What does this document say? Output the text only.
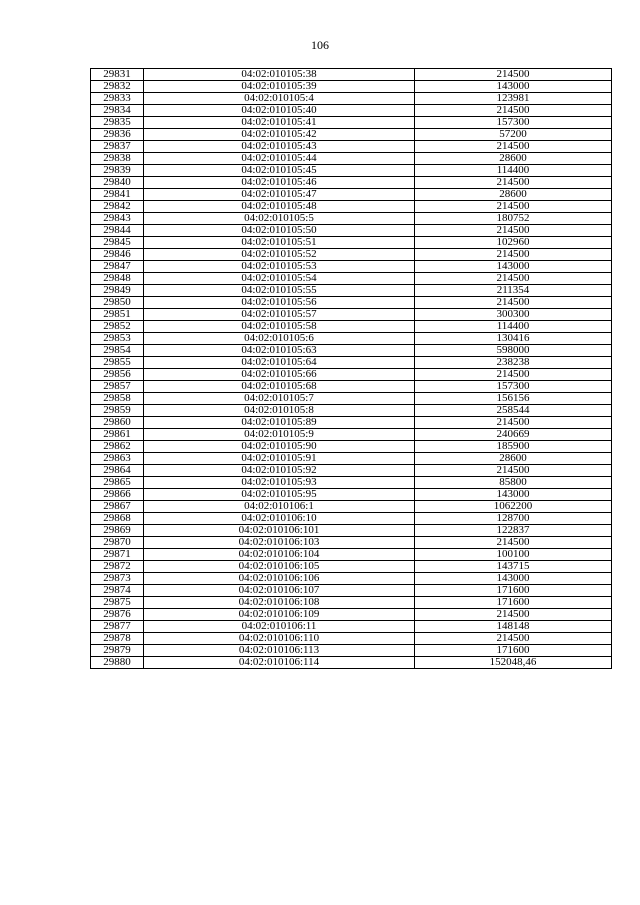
106
29831	04:02:010105:38	214500
29832	04:02:010105:39	143000
29833	04:02:010105:4	123981
29834	04:02:010105:40	214500
29835	04:02:010105:41	157300
29836	04:02:010105:42	57200
29837	04:02:010105:43	214500
29838	04:02:010105:44	28600
29839	04:02:010105:45	114400
29840	04:02:010105:46	214500
29841	04:02:010105:47	28600
29842	04:02:010105:48	214500
29843	04:02:010105:5	180752
29844	04:02:010105:50	214500
29845	04:02:010105:51	102960
29846	04:02:010105:52	214500
29847	04:02:010105:53	143000
29848	04:02:010105:54	214500
29849	04:02:010105:55	211354
29850	04:02:010105:56	214500
29851	04:02:010105:57	300300
29852	04:02:010105:58	114400
29853	04:02:010105:6	130416
29854	04:02:010105:63	598000
29855	04:02:010105:64	238238
29856	04:02:010105:66	214500
29857	04:02:010105:68	157300
29858	04:02:010105:7	156156
29859	04:02:010105:8	258544
29860	04:02:010105:89	214500
29861	04:02:010105:9	240669
29862	04:02:010105:90	185900
29863	04:02:010105:91	28600
29864	04:02:010105:92	214500
29865	04:02:010105:93	85800
29866	04:02:010105:95	143000
29867	04:02:010106:1	1062200
29868	04:02:010106:10	128700
29869	04:02:010106:101	122837
29870	04:02:010106:103	214500
29871	04:02:010106:104	100100
29872	04:02:010106:105	143715
29873	04:02:010106:106	143000
29874	04:02:010106:107	171600
29875	04:02:010106:108	171600
29876	04:02:010106:109	214500
29877	04:02:010106:11	148148
29878	04:02:010106:110	214500
29879	04:02:010106:113	171600
29880	04:02:010106:114	152048,46
